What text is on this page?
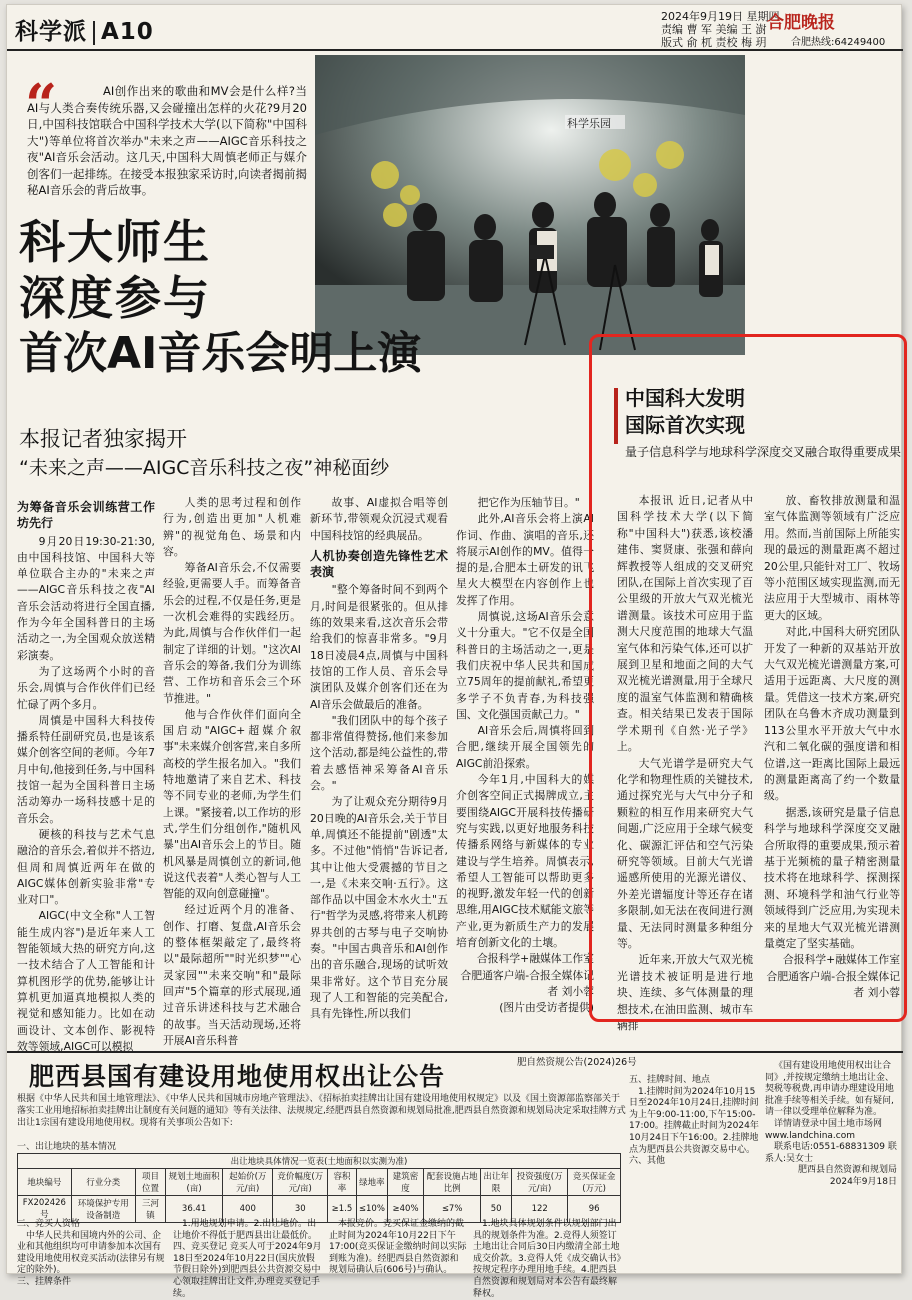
科学派 A10
2024年9月19日 星期四
责编 曹 军 美编 王 澍
版式 俞 杌 责校 梅 玥
合肥晚报
合肥热线:64249400
“	AI创作出来的歌曲和MV会是什么样?当AI与人类合奏传统乐器,又会碰撞出怎样的火花?9月20日,中国科技馆联合中国科学技术大学(以下简称"中国科大")等单位将首次举办"未来之声——AIGC音乐科技之夜"AI音乐会活动。这几天,中国科大周慎老师正与媒介创客们一起排练。在接受本报独家采访时,向读者揭前揭秘AI音乐会的背后故事。
科学乐园
科大师生
深度参与
首次AI音乐会明上演
本报记者独家揭开
“未来之声——AIGC音乐科技之夜”神秘面纱

为筹备音乐会训练营工作坊先行

9月20日19:30-21:30,由中国科技馆、中国科大等单位联合主办的"未来之声——AIGC音乐科技之夜"AI音乐会活动将进行全国直播,作为今年全国科普日的主场活动之一,为全国观众放送精彩演奏。

为了这场两个小时的音乐会,周慎与合作伙伴们已经忙碌了两个多月。

周慎是中国科大科技传播系特任副研究员,也是该系媒介创客空间的老师。今年7月中旬,他接到任务,与中国科技馆一起为全国科普日主场活动筹办一场科技感十足的音乐会。

硬核的科技与艺术气息融洽的音乐会,着似并不搭边,但周和周慎近两年在做的AIGC媒体创新实验非常"专业对口"。

AIGC(中文全称"人工智能生成内容")是近年来人工智能领域大热的研究方向,这一技术结合了人工智能和计算机图形学的优势,能够让计算机更加逼真地模拟人类的视觉和感知能力。比如在动画设计、文本创作、影视特效等领域,AIGC可以模拟

人类的思考过程和创作行为,创造出更加"人机难辨"的视觉角色、场景和内容。

筹备AI音乐会,不仅需要经验,更需要人手。而筹备音乐会的过程,不仅是任务,更是一次机会难得的实践经历。为此,周慎与合作伙伴们一起制定了详细的计划。"这次AI音乐会的筹备,我们分为训练营、工作坊和音乐会三个环节推进。"

他与合作伙伴们面向全国启动"AIGC+超媒介叙事"未来媒介创客营,来自多所高校的学生报名加入。"我们特地邀请了来自艺术、科技等不同专业的老师,为学生们上课。"紧接着,以工作坊的形式,学生们分组创作,"随机风暴"出AI音乐会上的节目。随机风暴是周慎创立的新词,他说这代表着"人类心智与人工智能的双向创意碰撞"。

经过近两个月的准备、创作、打磨、复盘,AI音乐会的整体框架敲定了,最终将以"最际超所""时光织梦""心灵家园""未来交响"和"最际回声"5个篇章的形式展现,通过音乐讲述科技与艺术融合的故事。当天活动现场,还将开展AI音乐科普

故事、AI虚拟合唱等创新环节,带领观众沉浸式观看中国科技馆的经典展品。

人机协奏创造先锋性艺术表演

"整个筹备时间不到两个月,时间是很紧张的。但从排练的效果来看,这次音乐会带给我们的惊喜非常多。"9月18日凌晨4点,周慎与中国科技馆的工作人员、音乐会导演团队及媒介创客们还在为AI音乐会做最后的准备。

"我们团队中的每个孩子都非常值得赞扬,他们来参加这个活动,都是纯公益性的,带着去感悟神采筹备AI音乐会。"

为了让观众充分期待9月20日晚的AI音乐会,关于节目单,周慎还不能提前"剧透"太多。不过他"悄悄"告诉记者,其中让他大受震撼的节目之一,是《未来交响·五行》。这部作品以中国金木水火土"五行"哲学为灵感,将带来人机跨界共创的古琴与电子交响协奏。"中国古典音乐和AI创作出的音乐融合,现场的试听效果非常好。这个节目充分展现了人工和智能的完美配合,具有先锋性,所以我们

把它作为压轴节目。"

此外,AI音乐会将上演AI作词、作曲、演唱的音乐,还将展示AI创作的MV。值得一提的是,合肥本土研发的讯飞星火大模型在内容创作上也发挥了作用。

周慎说,这场AI音乐会意义十分重大。"它不仅是全国科普日的主场活动之一,更是我们庆祝中华人民共和国成立75周年的提前献礼,希望更多学子不负青春,为科技强国、文化强国贡献己力。"

AI音乐会后,周慎将回到合肥,继续开展全国领先的AIGC前沿探索。

今年1月,中国科大的媒介创客空间正式揭牌成立,主要围绕AIGC开展科技传播研究与实践,以更好地服务科技传播系网络与新媒体的专业建设与学生培养。周慎表示,希望人工智能可以帮助更多的视野,激发年轻一代的创新思维,用AIGC技术赋能文旅等产业,更为新质生产力的发展培育创新文化的土壤。

合报科学+融媒体工作室

合肥通客户端-合报全媒体记者 刘小蓉

(图片由受访者提供)

中国科大发明
国际首次实现
量子信息科学与地球科学深度交叉融合取得重要成果

本报讯 近日,记者从中国科学技术大学(以下简称"中国科大")获悉,该校潘建伟、窦贤康、张强和薛向辉教授等人组成的交叉研究团队,在国际上首次实现了百公里级的开放大气双光梳光谱测量。该技术可应用于监测大尺度范围的地球大气温室气体和污染气体,还可以扩展到卫星和地面之间的大气双光梳光谱测量,用于全球尺度的温室气体监测和精确核查。相关结果已发表于国际学术期刊《自然·光子学》上。

大气光谱学是研究大气化学和物理性质的关键技术,通过探究光与大气中分子和颗粒的相互作用来研究大气间题,广泛应用于全球气候变化、碳源汇评估和空气污染研究等领域。目前大气光谱遥感所使用的光源光谱仪、外差光谱辐度计等还存在诸多限制,如无法在夜间进行测量、无法同时测量多种组分等。

近年来,开放大气双光梳光谱技术被证明是进行地块、连续、多气体测量的理想技术,在油田监测、城市车辆排

放、畜牧排放测量和温室气体监测等领域有广泛应用。然而,当前国际上所能实现的最远的测量距离不超过20公里,只能针对工厂、牧场等小范围区域实现监测,而无法应用于大型城市、雨林等更大的区域。

对此,中国科大研究团队开发了一种新的双基站开放大气双光梳光谱测量方案,可适用于远距离、大尺度的测量。凭借这一技术方案,研究团队在乌鲁木齐成功测量到113公里水平开放大气中水汽和二氧化碳的强度谱和相位谱,这一距离比国际上最远的测量距离高了约一个数量级。

据悉,该研究是量子信息科学与地球科学深度交叉融合所取得的重要成果,预示着基于光频梳的量子精密测量技术将在地球科学、探测探测、环境科学和油气行业等领域得到广泛应用,为实现未来的星地大气双光梳光谱测量奠定了坚实基础。

合报科学+融媒体工作室

合肥通客户端-合报全媒体记者 刘小蓉

肥西县国有建设用地使用权出让公告	肥自然资规公告(2024)26号
根据《中华人民共和国土地管理法》、《中华人民共和国城市房地产管理法》、《招标拍卖挂牌出让国有建设用地使用权规定》以及《国土资源部监察部关于落实工业用地招标拍卖挂牌出让制度有关问题的通知》等有关法律、法规规定,经肥西县自然资源和规划局批准,肥西县自然资源和规划局决定采取挂牌方式出让1宗国有建设用地使用权。现将有关事项公告如下:
一、出让地块的基本情况
出让地块具体情况一览表(土地面积以实测为准)												
地块编号	行业分类	项目位置	规划土地面积(亩)	起始价(万元/亩)	竞价幅度(万元/亩)	容积率	绿地率	建筑密度	配套设施占地比例	出让年限	投资强度(万元/亩)	竞买保证金(万元)
FX202426号	环境保护专用设备制造	三河镇	36.41	400	30	≥1.5	≤10%	≥40%	≤7%	50	122	96
二、竞买人资格

中华人民共和国境内外的公司、企业和其他组织均可申请参加本次国有建设用地使用权竞买活动(法律另有规定的除外)。

三、挂牌条件

1.用地规划申请。2.出让地价。出让地价不得低于肥西县出让最低价。四、竞买登记 竞买人可于2024年9月18日至2024年10月22日(国庆放假节假日除外)到肥西县公共资源交易中心领取挂牌出让文件,办理竞买登记手续。

本报竞价。竞买保证金缴纳的截止时间为2024年10月22日下午17:00(竞买保证金缴纳时间以实际到账为准)。经肥西县自然资源和规划局确认后(606号)与确认。

1.地块具体规划条件以规划部门出具的规划条件为准。2.竞得人须签订土地出让合同后30日内缴清全部土地成交价款。3.竞得人凭《成交确认书》按规定程序办理用地手续。4.肥西县自然资源和规划局对本公告有最终解释权。

五、挂牌时间、地点

1.挂牌时间为2024年10月15日至2024年10月24日,挂牌时间为上午9:00-11:00,下午15:00-17:00。挂牌截止时间为2024年10月24日下午16:00。2.挂牌地点为肥西县公共资源交易中心。

六、其他

《国有建设用地使用权出让合同》,并按规定缴纳土地出让金、契税等税费,再申请办理建设用地批准手续等相关手续。如有疑问,请一律以受理单位解释为准。

详情请登录中国土地市场网www.landchina.com

联系电话:0551-68831309 联系人:吴女士

肥西县自然资源和规划局
2024年9月18日
